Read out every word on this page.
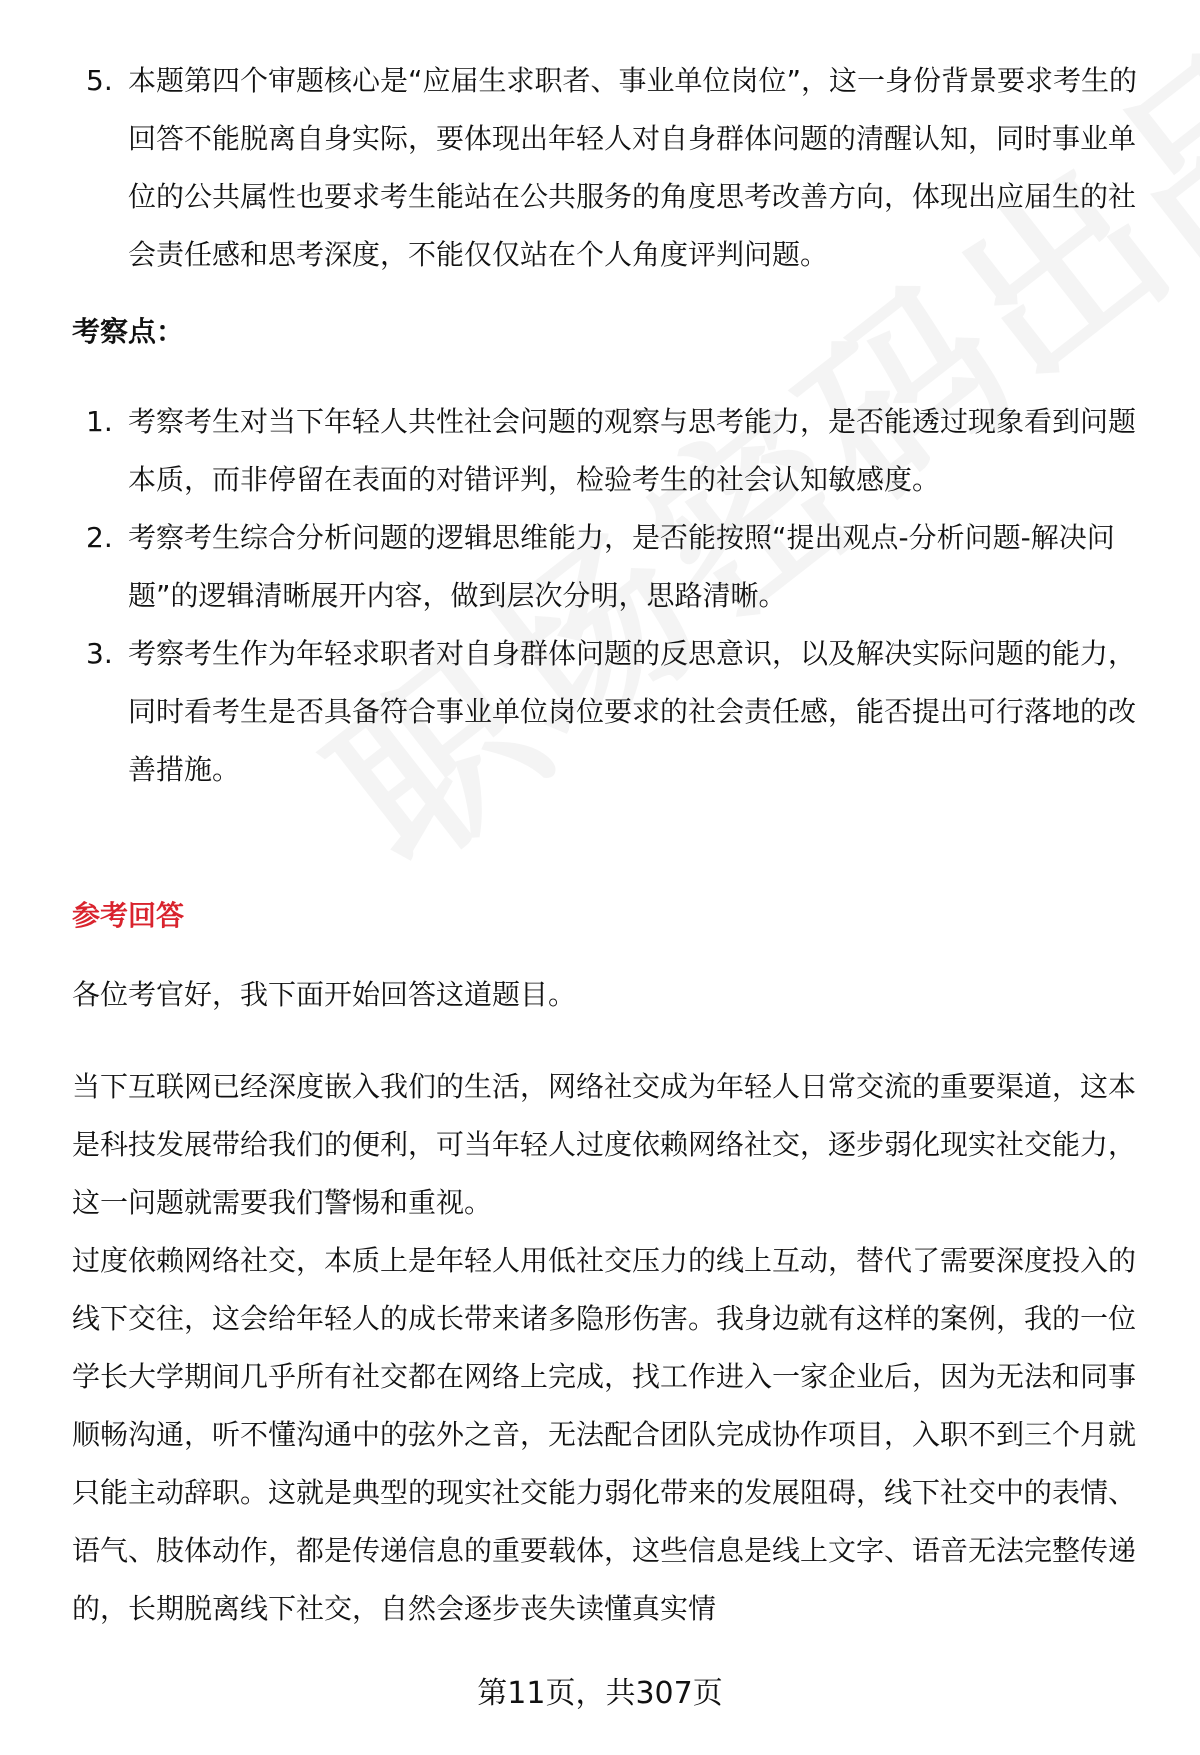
5. 本题第四个审题核心是“应届生求职者、事业单位岗位”，这一身份背景要求考生的回答不能脱离自身实际，要体现出年轻人对自身群体问题的清醒认知，同时事业单位的公共属性也要求考生能站在公共服务的角度思考改善方向，体现出应届生的社会责任感和思考深度，不能仅仅站在个人角度评判问题。
考察点：
1. 考察考生对当下年轻人共性社会问题的观察与思考能力，是否能透过现象看到问题本质，而非停留在表面的对错评判，检验考生的社会认知敏感度。
2. 考察考生综合分析问题的逻辑思维能力，是否能按照“提出观点-分析问题-解决问题”的逻辑清晰展开内容，做到层次分明，思路清晰。
3. 考察考生作为年轻求职者对自身群体问题的反思意识，以及解决实际问题的能力，同时看考生是否具备符合事业单位岗位要求的社会责任感，能否提出可行落地的改善措施。
参考回答

各位考官好，我下面开始回答这道题目。

当下互联网已经深度嵌入我们的生活，网络社交成为年轻人日常交流的重要渠道，这本是科技发展带给我们的便利，可当年轻人过度依赖网络社交，逐步弱化现实社交能力，这一问题就需要我们警惕和重视。

过度依赖网络社交，本质上是年轻人用低社交压力的线上互动，替代了需要深度投入的线下交往，这会给年轻人的成长带来诸多隐形伤害。我身边就有这样的案例，我的一位学长大学期间几乎所有社交都在网络上完成，找工作进入一家企业后，因为无法和同事顺畅沟通，听不懂沟通中的弦外之音，无法配合团队完成协作项目，入职不到三个月就只能主动辞职。这就是典型的现实社交能力弱化带来的发展阻碍，线下社交中的表情、语气、肢体动作，都是传递信息的重要载体，这些信息是线上文字、语音无法完整传递的，长期脱离线下社交，自然会逐步丧失读懂真实情

第11页，共307页
